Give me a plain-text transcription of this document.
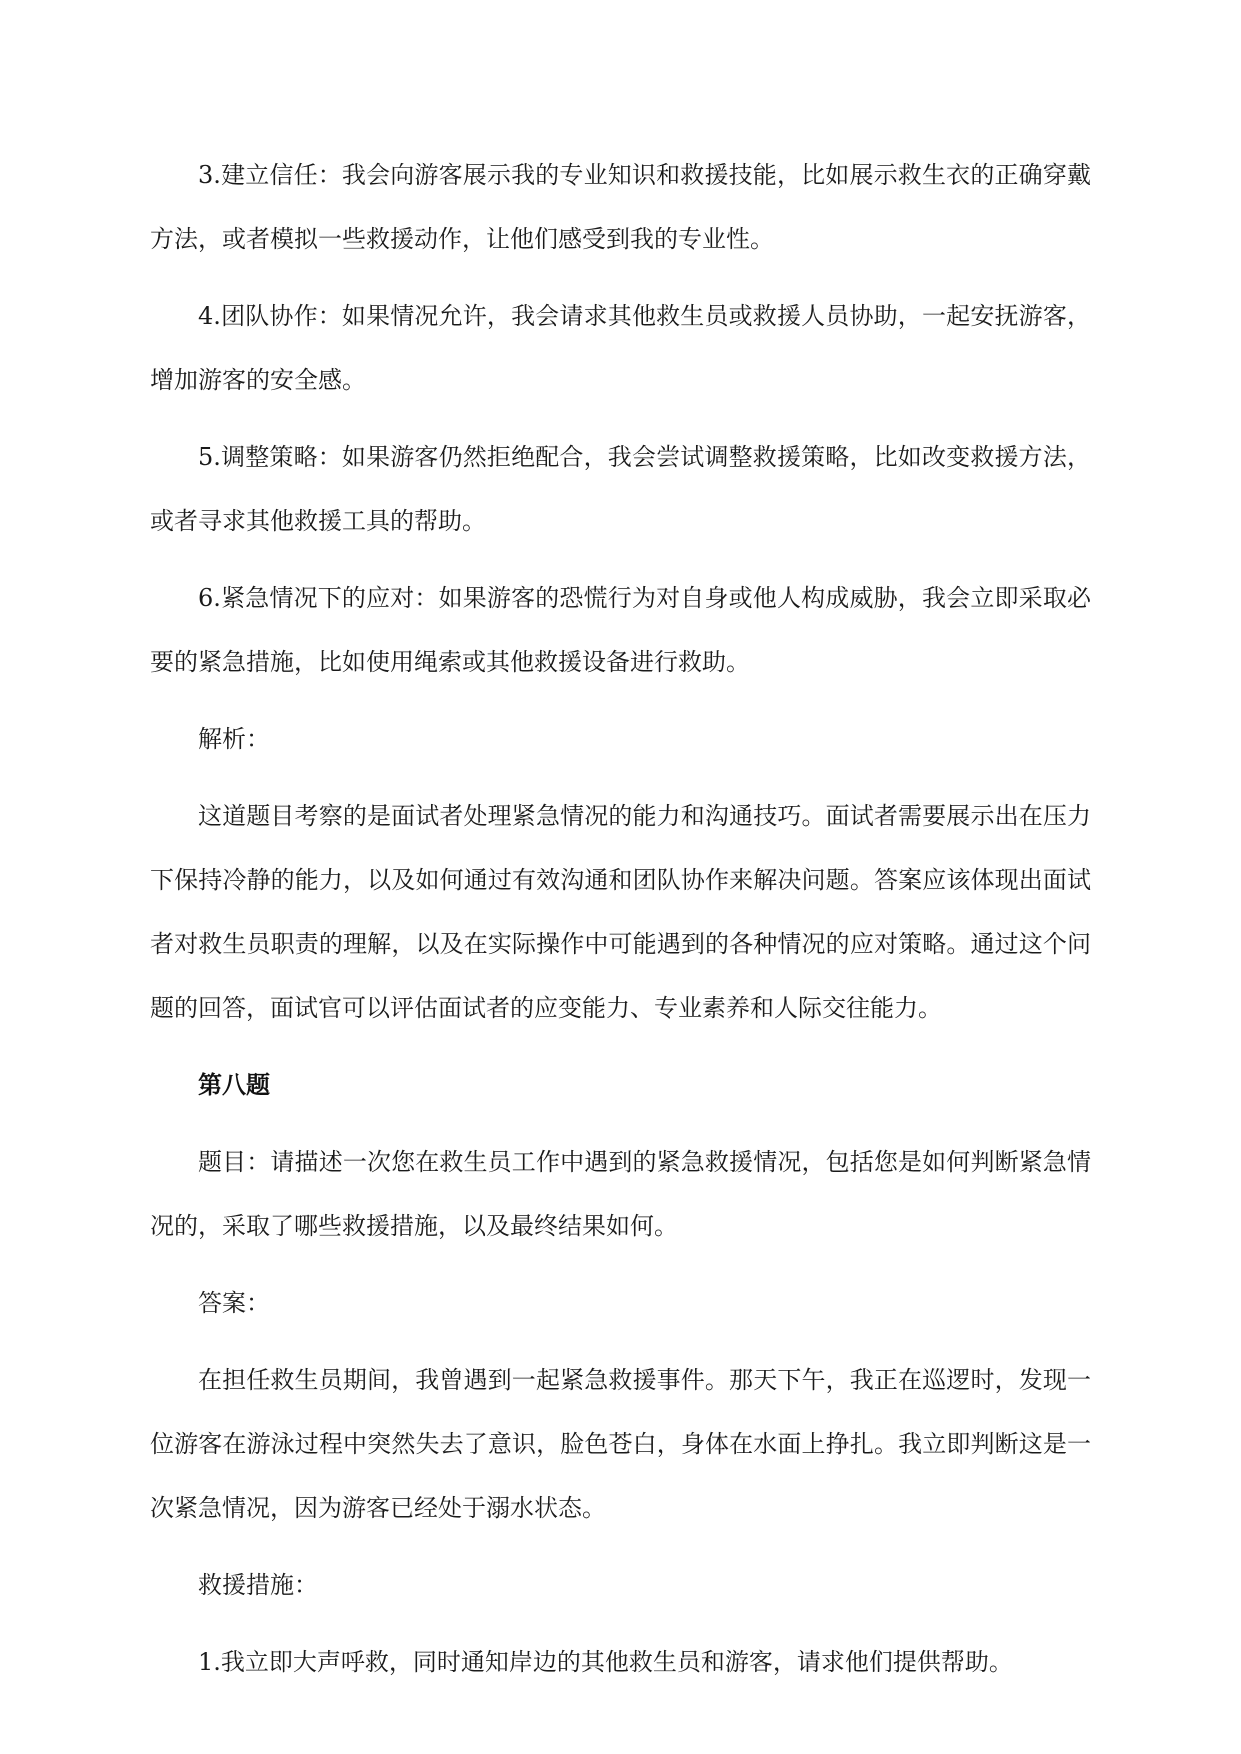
3.建立信任：我会向游客展示我的专业知识和救援技能，比如展示救生衣的正确穿戴方法，或者模拟一些救援动作，让他们感受到我的专业性。

4.团队协作：如果情况允许，我会请求其他救生员或救援人员协助，一起安抚游客，增加游客的安全感。

5.调整策略：如果游客仍然拒绝配合，我会尝试调整救援策略，比如改变救援方法，或者寻求其他救援工具的帮助。

6.紧急情况下的应对：如果游客的恐慌行为对自身或他人构成威胁，我会立即采取必要的紧急措施，比如使用绳索或其他救援设备进行救助。

解析：

这道题目考察的是面试者处理紧急情况的能力和沟通技巧。面试者需要展示出在压力下保持冷静的能力，以及如何通过有效沟通和团队协作来解决问题。答案应该体现出面试者对救生员职责的理解，以及在实际操作中可能遇到的各种情况的应对策略。通过这个问题的回答，面试官可以评估面试者的应变能力、专业素养和人际交往能力。

第八题

题目：请描述一次您在救生员工作中遇到的紧急救援情况，包括您是如何判断紧急情况的，采取了哪些救援措施，以及最终结果如何。

答案：

在担任救生员期间，我曾遇到一起紧急救援事件。那天下午，我正在巡逻时，发现一位游客在游泳过程中突然失去了意识，脸色苍白，身体在水面上挣扎。我立即判断这是一次紧急情况，因为游客已经处于溺水状态。

救援措施：

1.我立即大声呼救，同时通知岸边的其他救生员和游客，请求他们提供帮助。
